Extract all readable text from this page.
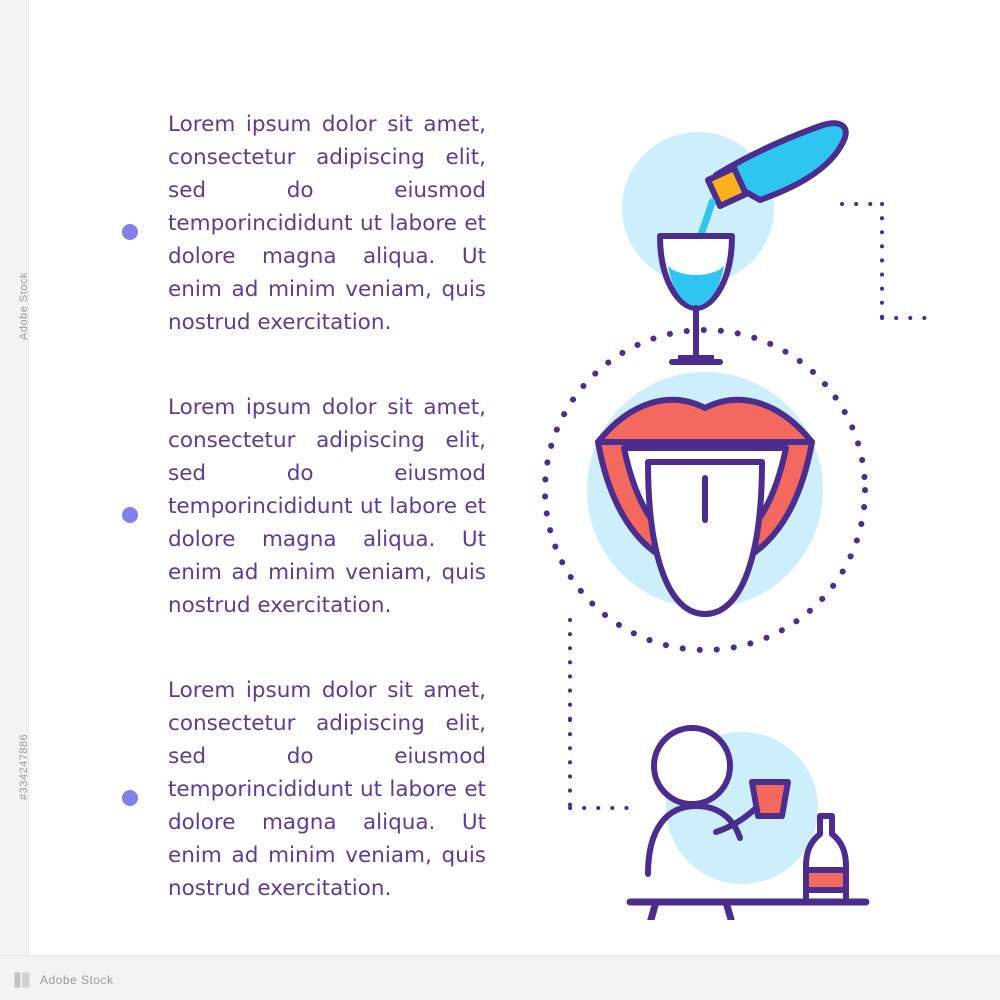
#334247886
Adobe Stock
Adobe Stock

Lorem ipsum dolor sit amet, consectetur adipiscing elit, sed do eiusmod temporincididunt ut labore et dolore magna aliqua. Ut enim ad minim veniam, quis nostrud exercitation.

Lorem ipsum dolor sit amet, consectetur adipiscing elit, sed do eiusmod temporincididunt ut labore et dolore magna aliqua. Ut enim ad minim veniam, quis nostrud exercitation.

Lorem ipsum dolor sit amet, consectetur adipiscing elit, sed do eiusmod temporincididunt ut labore et dolore magna aliqua. Ut enim ad minim veniam, quis nostrud exercitation.
